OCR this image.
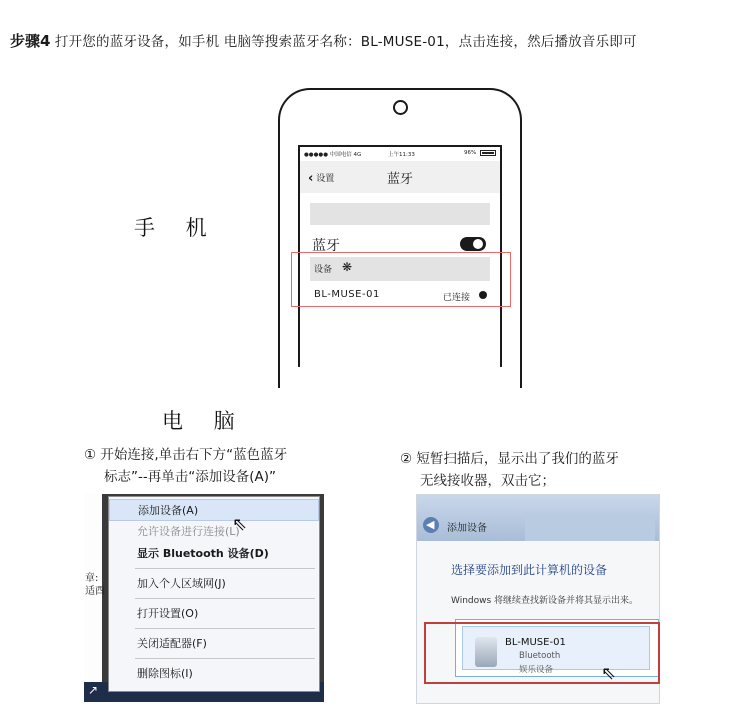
步骤4 打开您的蓝牙设备，如手机 电脑等搜索蓝牙名称：BL-MUSE-01，点击连接，然后播放音乐即可
手 机
●●●●● 中国电信 4G	上午11:33	96%
‹ 设置	蓝牙
蓝牙
设备 ❋
BL-MUSE-01	已连接
电 脑
① 开始连接,单击右下方“蓝色蓝牙
标志”--再单击“添加设备(A)”
② 短暂扫描后，显示出了我们的蓝牙
无线接收器，双击它；
章:
适酉
↗
添加设备(A)
允许设备进行连接(L)
显示 Bluetooth 设备(D)
加入个人区域网(J)
打开设置(O)
关闭适配器(F)
删除图标(I)
⇖	◀ 添加设备
选择要添加到此计算机的设备
Windows 将继续查找新设备并将其显示出来。
BL-MUSE-01
Bluetooth
娱乐设备	⇖
